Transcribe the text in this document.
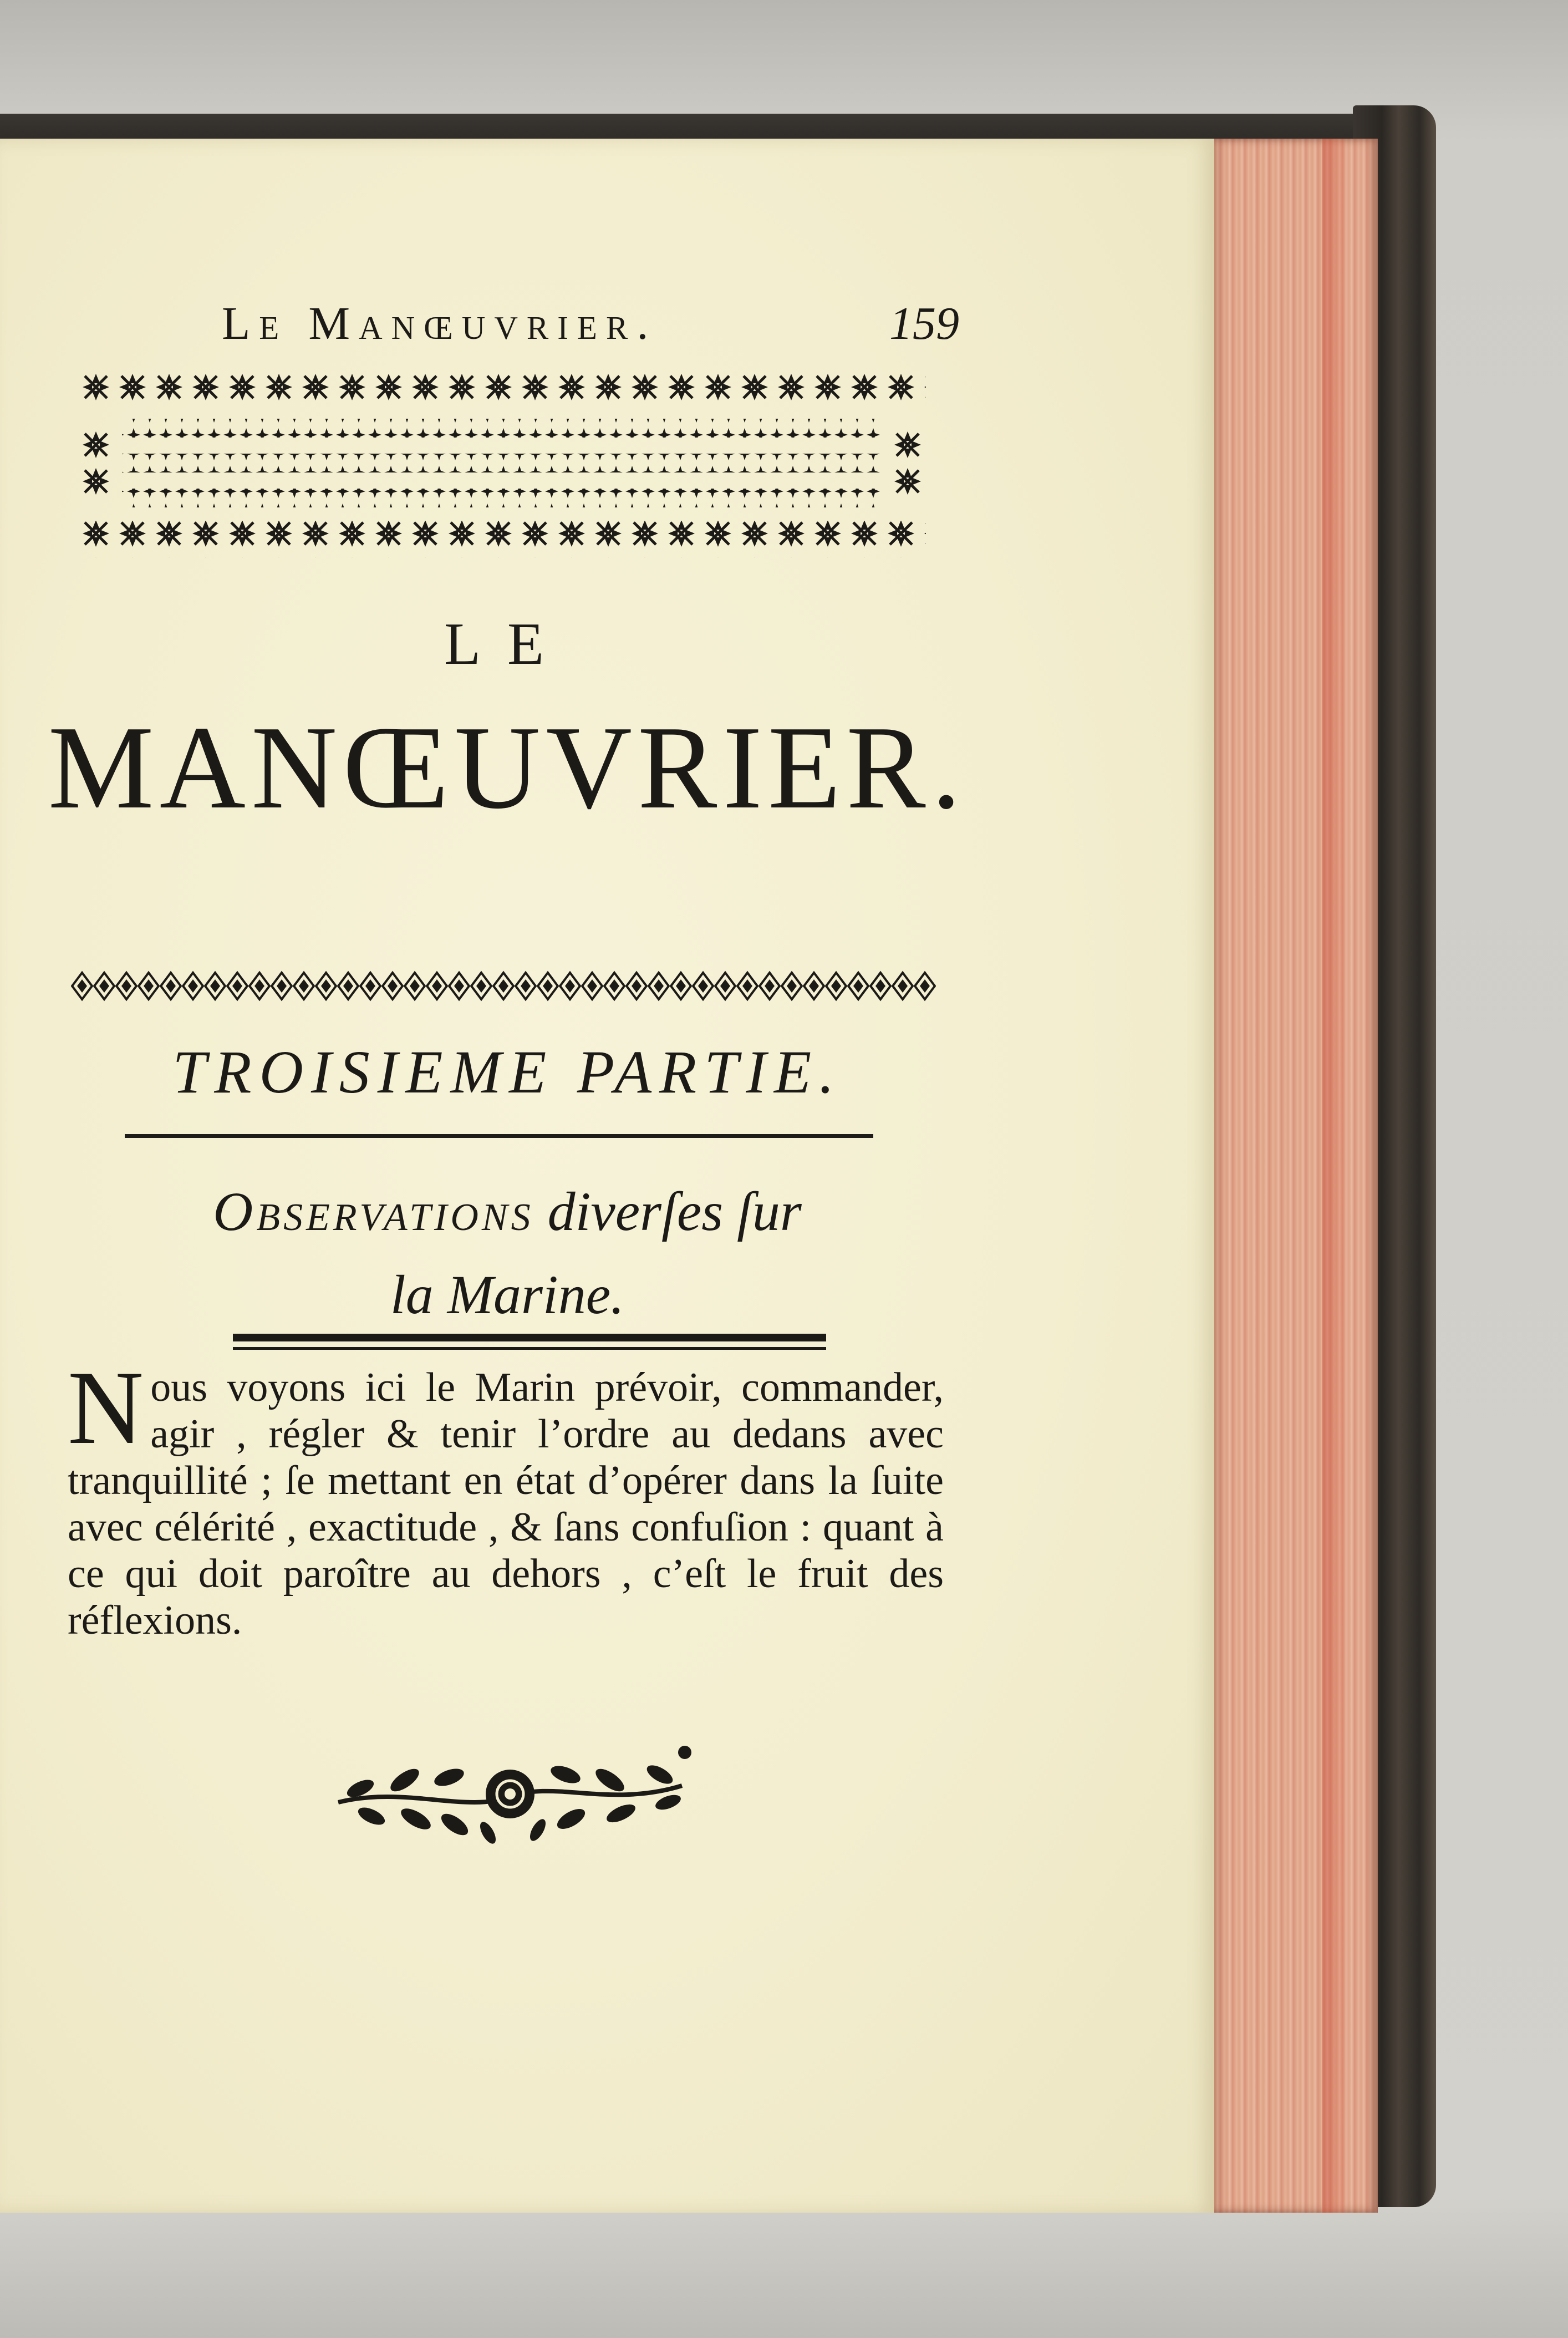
Le Manœuvrier.	159
LE
MANŒUVRIER.
TROISIEME PARTIE.
Observations diverſes ſur
la Marine.
Nous voyons ici le Marin prévoir, commander, agir , régler & tenir l’ordre au dedans avec tranquillité ; ſe mettant en état d’opérer dans la ſuite avec célérité , exactitude , & ſans confuſion : quant à ce qui doit paroître au dehors , c’eſt le fruit des réflexions.
